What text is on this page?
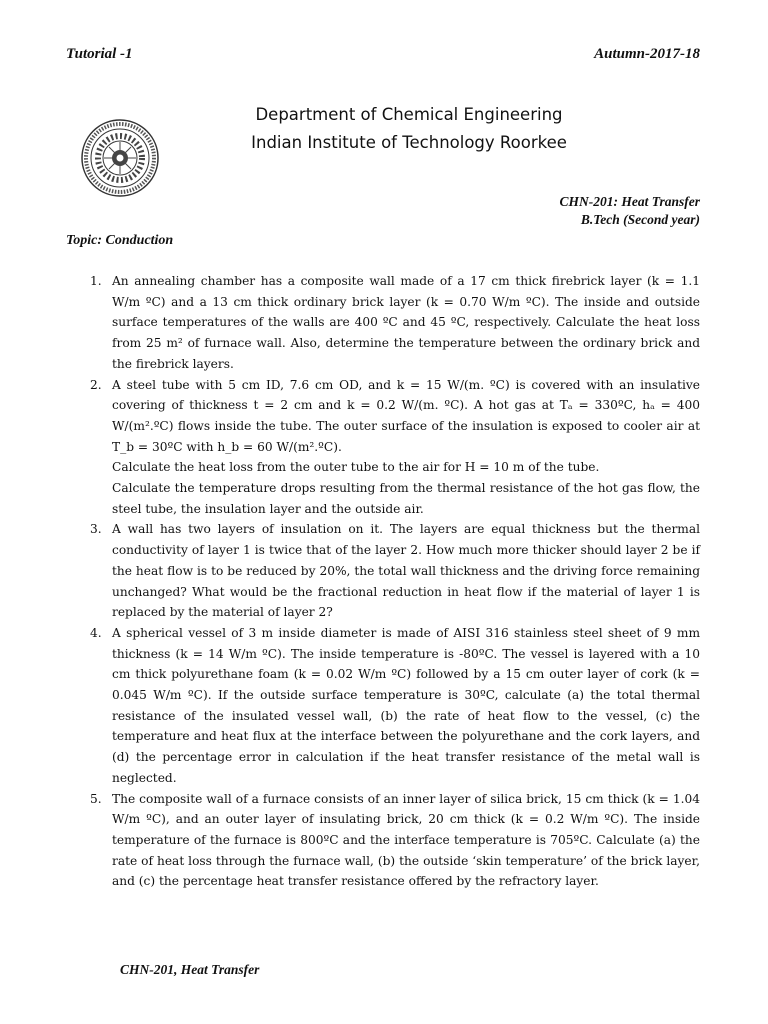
Tutorial -1	Autumn-2017-18
Department of Chemical Engineering
Indian Institute of Technology Roorkee
CHN-201: Heat Transfer
B.Tech (Second year)
Topic: Conduction
1. An annealing chamber has a composite wall made of a 17 cm thick firebrick layer (k = 1.1 W/m ºC) and a 13 cm thick ordinary brick layer (k = 0.70 W/m ºC). The inside and outside surface temperatures of the walls are 400 ºC and 45 ºC, respectively. Calculate the heat loss from 25 m² of furnace wall. Also, determine the temperature between the ordinary brick and the firebrick layers.
2. A steel tube with 5 cm ID, 7.6 cm OD, and k = 15 W/(m. ºC) is covered with an insulative covering of thickness t = 2 cm and k = 0.2 W/(m. ºC). A hot gas at Tₐ = 330ºC, hₐ = 400 W/(m².ºC) flows inside the tube. The outer surface of the insulation is exposed to cooler air at T_b = 30ºC with h_b = 60 W/(m².ºC).
Calculate the heat loss from the outer tube to the air for H = 10 m of the tube.
Calculate the temperature drops resulting from the thermal resistance of the hot gas flow, the steel tube, the insulation layer and the outside air.
3. A wall has two layers of insulation on it. The layers are equal thickness but the thermal conductivity of layer 1 is twice that of the layer 2. How much more thicker should layer 2 be if the heat flow is to be reduced by 20%, the total wall thickness and the driving force remaining unchanged? What would be the fractional reduction in heat flow if the material of layer 1 is replaced by the material of layer 2?
4. A spherical vessel of 3 m inside diameter is made of AISI 316 stainless steel sheet of 9 mm thickness (k = 14 W/m ºC). The inside temperature is -80ºC. The vessel is layered with a 10 cm thick polyurethane foam (k = 0.02 W/m ºC) followed by a 15 cm outer layer of cork (k = 0.045 W/m ºC). If the outside surface temperature is 30ºC, calculate (a) the total thermal resistance of the insulated vessel wall, (b) the rate of heat flow to the vessel, (c) the temperature and heat flux at the interface between the polyurethane and the cork layers, and (d) the percentage error in calculation if the heat transfer resistance of the metal wall is neglected.
5. The composite wall of a furnace consists of an inner layer of silica brick, 15 cm thick (k = 1.04 W/m ºC), and an outer layer of insulating brick, 20 cm thick (k = 0.2 W/m ºC). The inside temperature of the furnace is 800ºC and the interface temperature is 705ºC. Calculate (a) the rate of heat loss through the furnace wall, (b) the outside ‘skin temperature’ of the brick layer, and (c) the percentage heat transfer resistance offered by the refractory layer.
CHN-201, Heat Transfer
